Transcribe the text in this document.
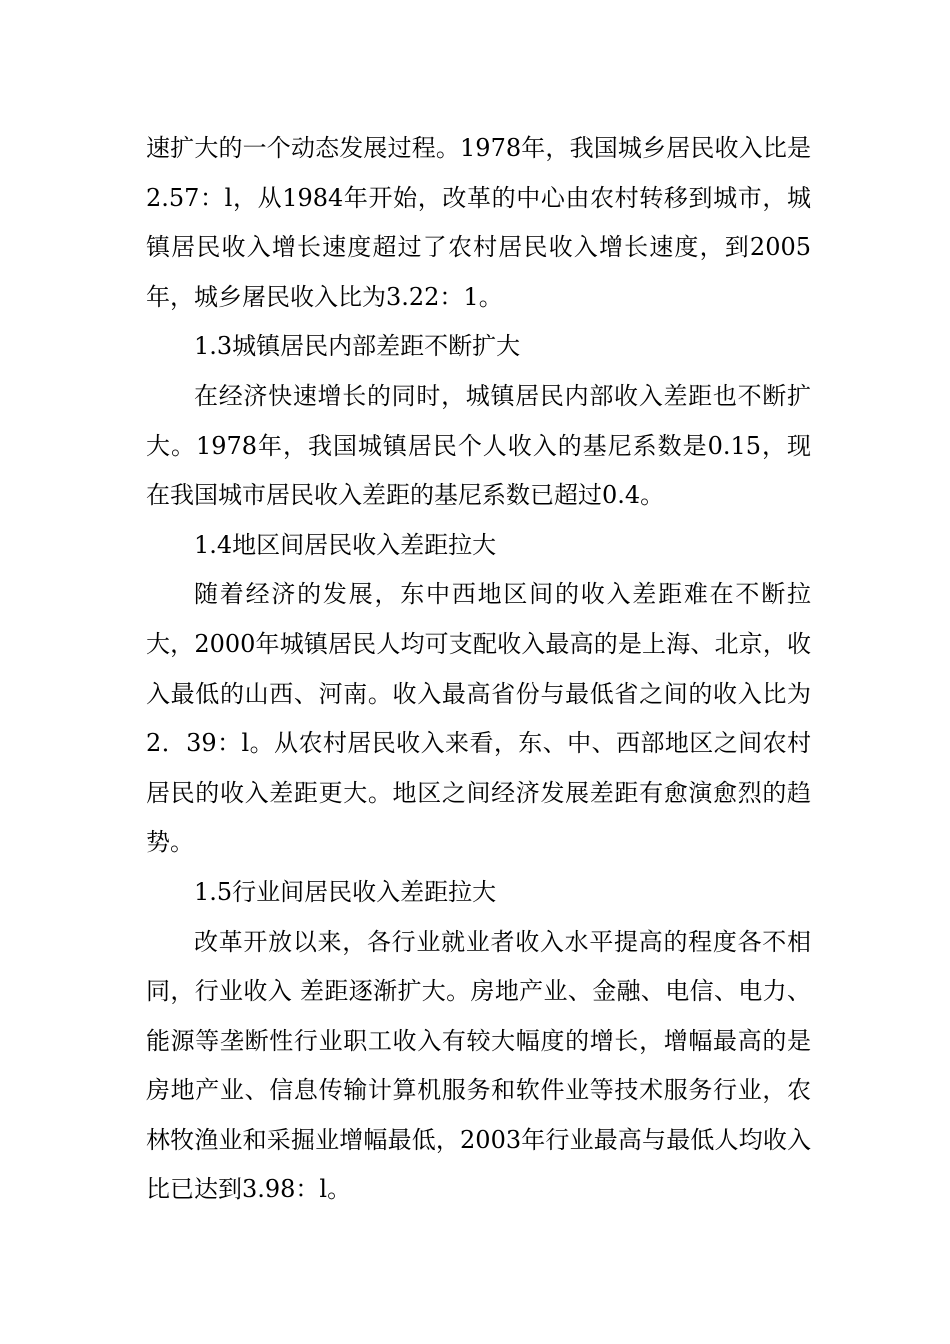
速扩大的一个动态发展过程。1978年，我国城乡居民收入比是2.57：l，从1984年开始，改革的中心由农村转移到城市，城镇居民收入增长速度超过了农村居民收入增长速度，到2005年，城乡屠民收入比为3.22：1。

1.3城镇居民内部差距不断扩大

在经济快速增长的同时，城镇居民内部收入差距也不断扩大。1978年，我国城镇居民个人收入的基尼系数是0.15，现在我国城市居民收入差距的基尼系数已超过0.4。

1.4地区间居民收入差距拉大

随着经济的发展，东中西地区间的收入差距难在不断拉大，2000年城镇居民人均可支配收入最高的是上海、北京，收入最低的山西、河南。收入最高省份与最低省之间的收入比为2．39：l。从农村居民收入来看，东、中、西部地区之间农村居民的收入差距更大。地区之间经济发展差距有愈演愈烈的趋势。

1.5行业间居民收入差距拉大

改革开放以来，各行业就业者收入水平提高的程度各不相同，行业收入 差距逐渐扩大。房地产业、金融、电信、电力、能源等垄断性行业职工收入有较大幅度的增长，增幅最高的是房地产业、信息传输计算机服务和软件业等技术服务行业，农林牧渔业和采掘业增幅最低，2003年行业最高与最低人均收入比已达到3.98：l。
